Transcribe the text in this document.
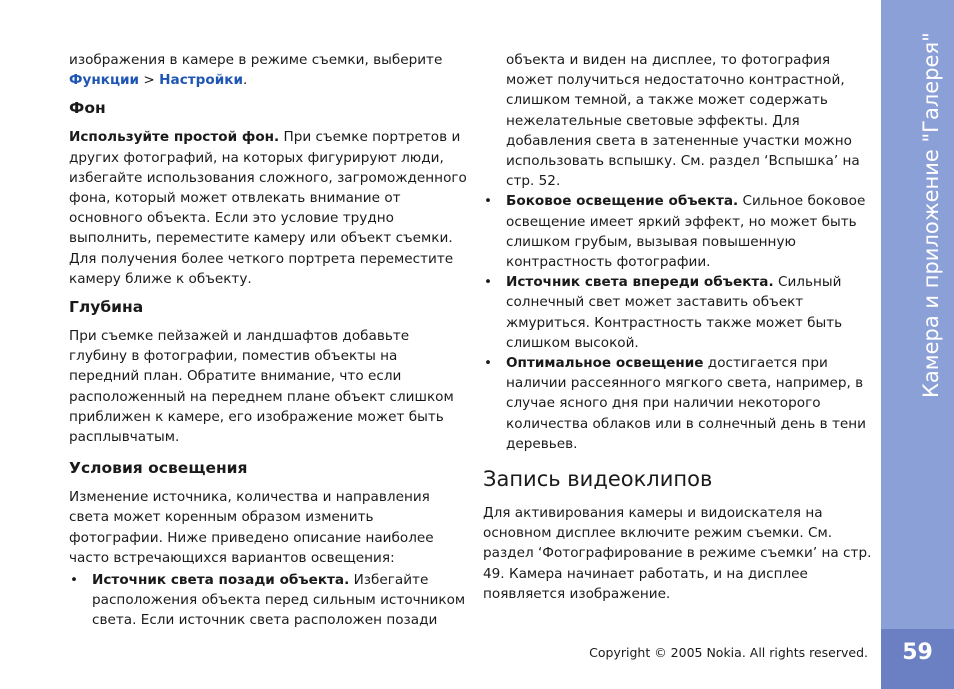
изображения в камере в режиме съемки, выберите
Функции > Настройки.

Фон

Используйте простой фон. При съемке портретов и других фотографий, на которых фигурируют люди, избегайте использования сложного, загроможденного фона, который может отвлекать внимание от основного объекта. Если это условие трудно выполнить, переместите камеру или объект съемки. Для получения более четкого портрета переместите камеру ближе к объекту.

Глубина

При съемке пейзажей и ландшафтов добавьте глубину в фотографии, поместив объекты на передний план. Обратите внимание, что если расположенный на переднем плане объект слишком приближен к камере, его изображение может быть расплывчатым.

Условия освещения

Изменение источника, количества и направления света может коренным образом изменить фотографии. Ниже приведено описание наиболее часто встречающихся вариантов освещения:

• Источник света позади объекта. Избегайте расположения объекта перед сильным источником света. Если источник света расположен позади

объекта и виден на дисплее, то фотография может получиться недостаточно контрастной, слишком темной, а также может содержать нежелательные световые эффекты. Для добавления света в затененные участки можно использовать вспышку. См. раздел ‘Вспышка’ на стр. 52.

• Боковое освещение объекта. Сильное боковое освещение имеет яркий эффект, но может быть слишком грубым, вызывая повышенную контрастность фотографии.
• Источник света впереди объекта. Сильный солнечный свет может заставить объект жмуриться. Контрастность также может быть слишком высокой.
• Оптимальное освещение достигается при наличии рассеянного мягкого света, например, в случае ясного дня при наличии некоторого количества облаков или в солнечный день в тени деревьев.
Запись видеоклипов

Для активирования камеры и видоискателя на основном дисплее включите режим съемки. См. раздел ‘Фотографирование в режиме съемки’ на стр. 49. Камера начинает работать, и на дисплее появляется изображение.

Copyright © 2005 Nokia. All rights reserved.
Камера и приложение "Галерея"
59
